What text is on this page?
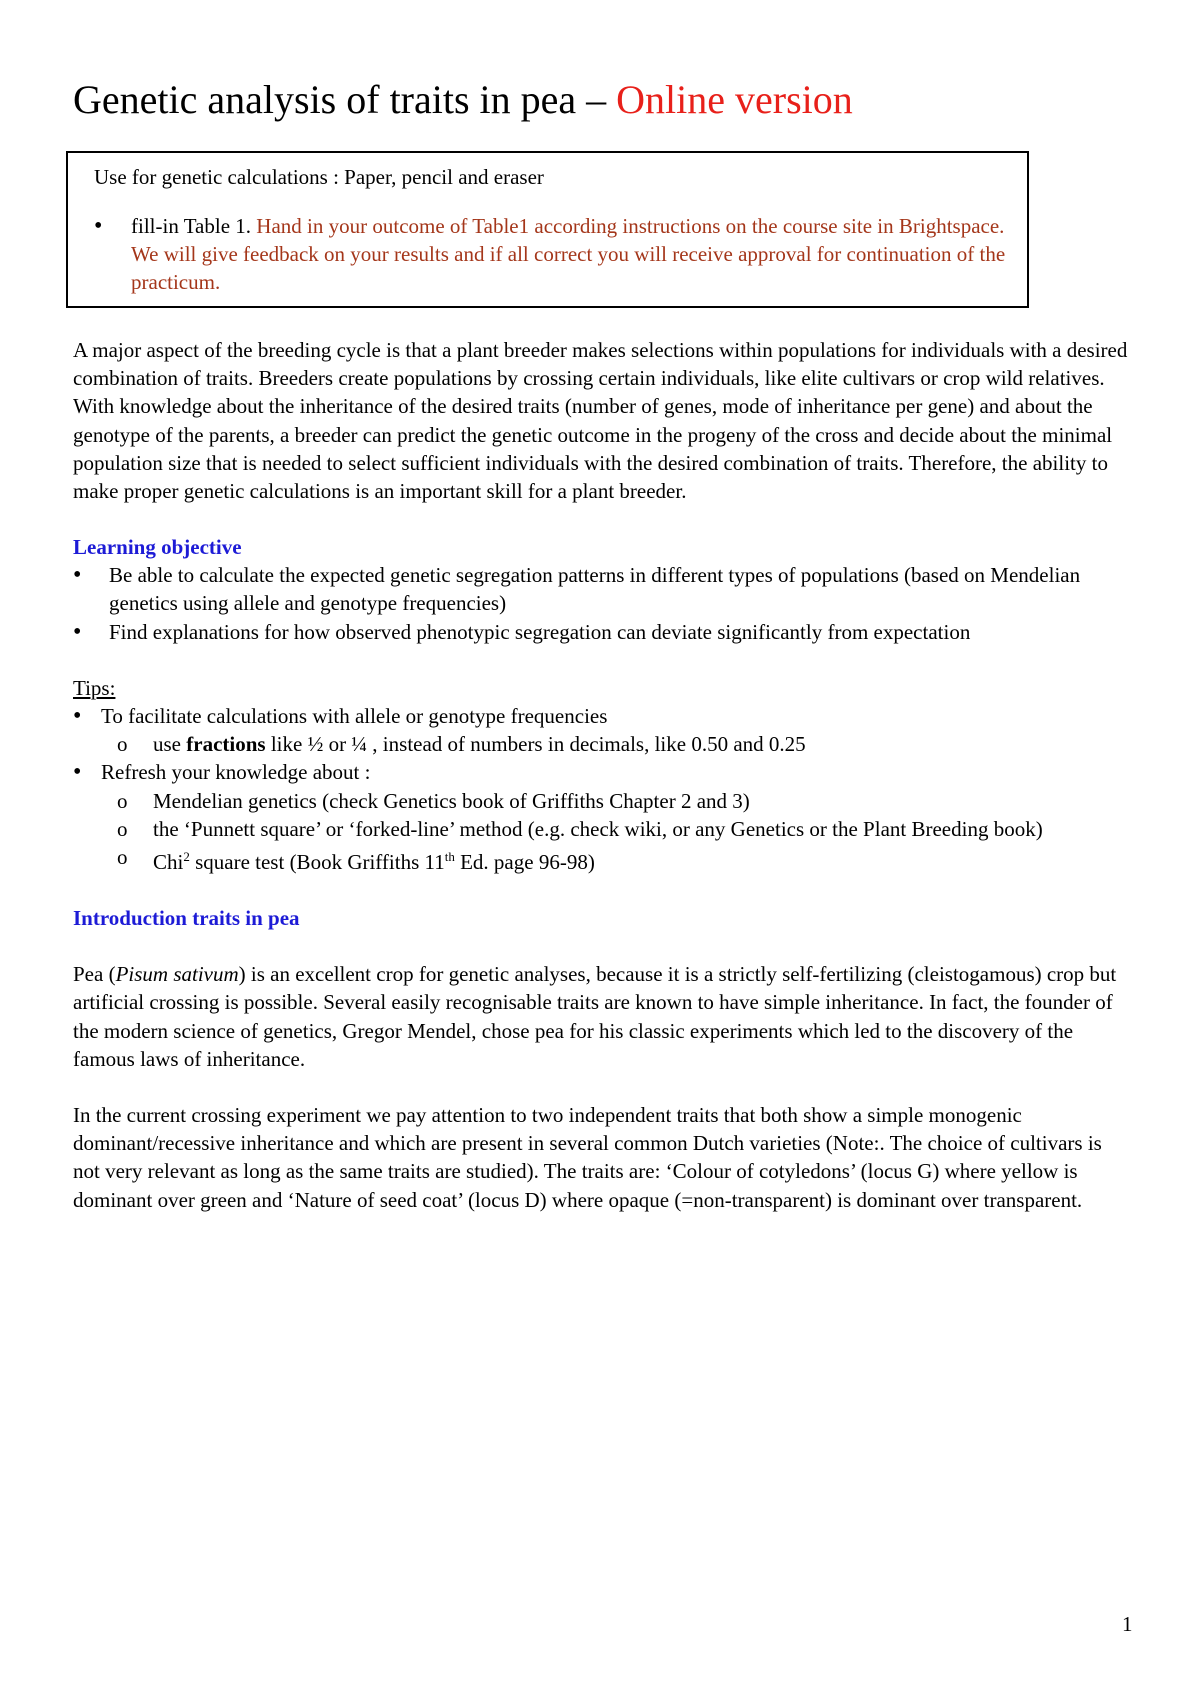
Genetic analysis of traits in pea – Online version

Use for genetic calculations : Paper, pencil and eraser

• fill-in Table 1. Hand in your outcome of Table1 according instructions on the course site in Brightspace. We will give feedback on your results and if all correct you will receive approval for continuation of the practicum.

A major aspect of the breeding cycle is that a plant breeder makes selections within populations for individuals with a desired combination of traits. Breeders create populations by crossing certain individuals, like elite cultivars or crop wild relatives. With knowledge about the inheritance of the desired traits (number of genes, mode of inheritance per gene) and about the genotype of the parents, a breeder can predict the genetic outcome in the progeny of the cross and decide about the minimal population size that is needed to select sufficient individuals with the desired combination of traits. Therefore, the ability to make proper genetic calculations is an important skill for a plant breeder.

Learning objective

• Be able to calculate the expected genetic segregation patterns in different types of populations (based on Mendelian genetics using allele and genotype frequencies)
• Find explanations for how observed phenotypic segregation can deviate significantly from expectation

Tips:

• To facilitate calculations with allele or genotype frequencies
o use fractions like ½ or ¼ , instead of numbers in decimals, like 0.50 and 0.25
• Refresh your knowledge about :
o Mendelian genetics (check Genetics book of Griffiths Chapter 2 and 3)
o the ‘Punnett square’ or ‘forked-line’ method (e.g. check wiki, or any Genetics or the Plant Breeding book)
o Chi$^2$ square test (Book Griffiths 11th Ed. page 96-98)

Introduction traits in pea

Pea (Pisum sativum) is an excellent crop for genetic analyses, because it is a strictly self-fertilizing (cleistogamous) crop but artificial crossing is possible. Several easily recognisable traits are known to have simple inheritance. In fact, the founder of the modern science of genetics, Gregor Mendel, chose pea for his classic experiments which led to the discovery of the famous laws of inheritance.

In the current crossing experiment we pay attention to two independent traits that both show a simple monogenic dominant/recessive inheritance and which are present in several common Dutch varieties (Note:. The choice of cultivars is not very relevant as long as the same traits are studied). The traits are: ‘Colour of cotyledons’ (locus G) where yellow is dominant over green and ‘Nature of seed coat’ (locus D) where opaque (=non-transparent) is dominant over transparent.

1
